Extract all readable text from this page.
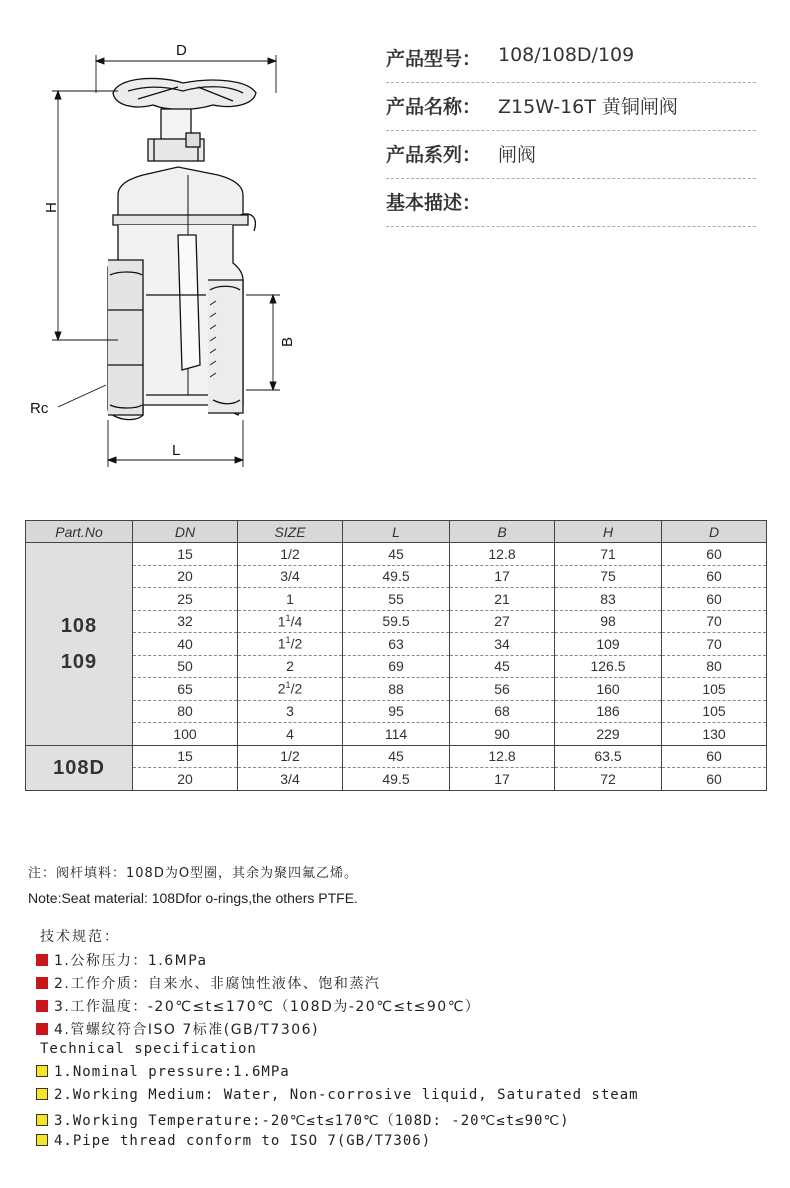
D
H
B
L
Rc
产品型号： 108/108D/109
产品名称： Z15W-16T 黄铜闸阀
产品系列： 闸阀
基本描述：
Part.No	DN	SIZE	L	B	H	D

108
109	15	1/2	45	12.8	71	60
	20	3/4	49.5	17	75	60
	25	1	55	21	83	60
	32	$1^1/4$	59.5	27	98	70
	40	$1^1/2$	63	34	109	70
	50	2	69	45	126.5	80
	65	$2^1/2$	88	56	160	105
	80	3	95	68	186	105
	100	4	114	90	229	130

108D	15	1/2	45	12.8	63.5	60
	20	3/4	49.5	17	72	60
注：阀杆填料：108D为O型圈，其余为聚四氟乙烯。
Note:Seat material: 108Dfor o-rings,the others PTFE.
技术规范：
1.公称压力：1.6MPa
2.工作介质：自来水、非腐蚀性液体、饱和蒸汽
3.工作温度：-20℃≤t≤170℃（108D为-20℃≤t≤90℃）
4.管螺纹符合ISO 7标准(GB/T7306)
Technical specification
1.Nominal pressure:1.6MPa
2.Working Medium: Water, Non-corrosive liquid, Saturated steam
3.Working Temperature:-20℃≤t≤170℃（108D: -20℃≤t≤90℃)
4.Pipe thread conform to ISO 7(GB/T7306)
